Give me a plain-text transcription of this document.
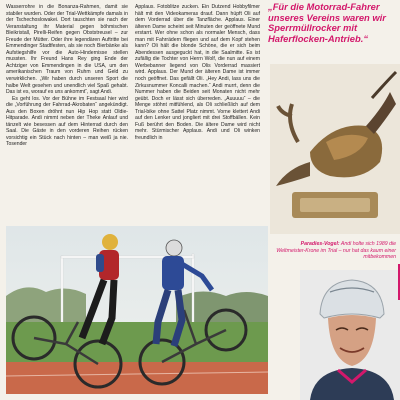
Wasserrohre in die Bonanza-Rahmen, damit sie stabiler wurden. Oder der Trial-Wettkämpfe damals in der Tschechoslowakei. Dort tauschten sie nach der Veranstaltung ihr Material gegen böhmischen Bleikristall, Pirelli-Reifen gegen Obststreusel – zur Freude der Mütter. Oder ihre legendären Auftritte bei Emmendinger Stadtfesten, als sie noch Bierbänke als Aufstiegshilfe vor die Auto-Hindernisse stellen mussten. Ihr Freund Hans Rey ging Ende der Achtziger von Emmendingen in die USA, um den amerikanischen Traum von Ruhm und Geld zu verwirklichen. „Wir haben durch unseren Sport die halbe Welt gesehen und unendlich viel Spaß gehabt. Das ist es, worauf es uns ankommt“, sagt Andi.

Es geht los. Vor der Bühne im Festsaal hier wird die „Vorführung der Fahrrad-Akrobaten“ angekündigt. Aus den Boxen dröhnt nun Hip Hop statt Oldie-Hitparade. Andi nimmt neben der Theke Anlauf und tänzelt wie besessen auf dem Hinterrad durch den Saal. Die Gäste in den vorderen Reihen rücken vorsichtig ein Stück nach hinten – man weiß ja nie. Tosender

Applaus. Fotoblitze zucken. Ein Dutzend Hobbyfilmer hält mit den Videokameras drauf. Dann hüpft Oli auf dem Vorderrad über die Tanzfläche. Applaus. Einer älteren Dame scheint seit Minuten der geöffnete Mund erstarrt. Wer ohne schon als normaler Mensch, dass man mit Fahrrädern fliegen und auf dem Kopf stehen kann? Oli hält die blonde Schöne, die er sich beim Abendessen ausgeguckt hat, in die Saalmitte. Es ist zufällig die Tochter von Herrn Wolf, die nun auf einem Werbebanner liegend von Olis Vorderrad massiert wird. Applaus. Der Mund der älteren Dame ist immer noch geöffnet. Das gefällt Oli. „Hey Andi, lass uns die Zirkusnummer Koncalli machen.“ Andi murrt, denn die Nummer haben die Beiden seit Monaten nicht mehr geübt. Doch er lässt sich überreden. „Auuuuu“ – die Menge stöhnt mitfühlend, als Oli schließlich auf dem Trial-bike ohne Sattel Platz nimmt. Vorne klettert Andi auf den Lenker und jongliert mit drei Stoffbällen. Kein Fuß berührt den Boden. Die ältere Dame wird nicht mehr. Stürmischer Applaus. Andi und Oli winken freundlich in

„Für die Motorrad-Fahrer unseres Vereins waren wir Sperrmüllrocker mit Haferflocken-Antrieb.“
Paradies-Vogel: Andi holte sich 1989 die Weltmeister-Krone im Trial – nur hat das kaum einer mitbekommen
